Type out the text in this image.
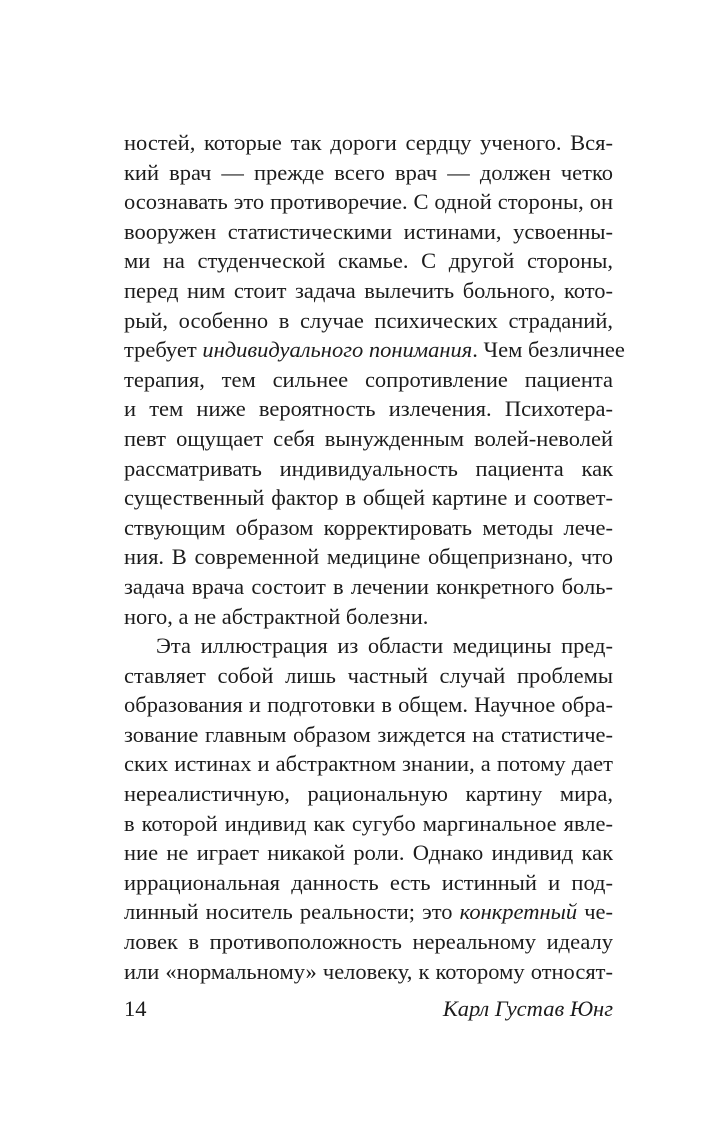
ностей, которые так дороги сердцу ученого. Вся-
кий врач — прежде всего врач — должен четко
осознавать это противоречие. С одной стороны, он
вооружен статистическими истинами, усвоенны-
ми на студенческой скамье. С другой стороны,
перед ним стоит задача вылечить больного, кото-
рый, особенно в случае психических страданий,
требует индивидуального понимания. Чем безличнее
терапия, тем сильнее сопротивление пациента
и тем ниже вероятность излечения. Психотера-
певт ощущает себя вынужденным волей-неволей
рассматривать индивидуальность пациента как
существенный фактор в общей картине и соответ-
ствующим образом корректировать методы лече-
ния. В современной медицине общепризнано, что
задача врача состоит в лечении конкретного боль-
ного, а не абстрактной болезни.
Эта иллюстрация из области медицины пред-
ставляет собой лишь частный случай проблемы
образования и подготовки в общем. Научное обра-
зование главным образом зиждется на статистиче-
ских истинах и абстрактном знании, а потому дает
нереалистичную, рациональную картину мира,
в которой индивид как сугубо маргинальное явле-
ние не играет никакой роли. Однако индивид как
иррациональная данность есть истинный и под-
линный носитель реальности; это конкретный че-
ловек в противоположность нереальному идеалу
или «нормальному» человеку, к которому относят-
14	Карл Густав Юнг
